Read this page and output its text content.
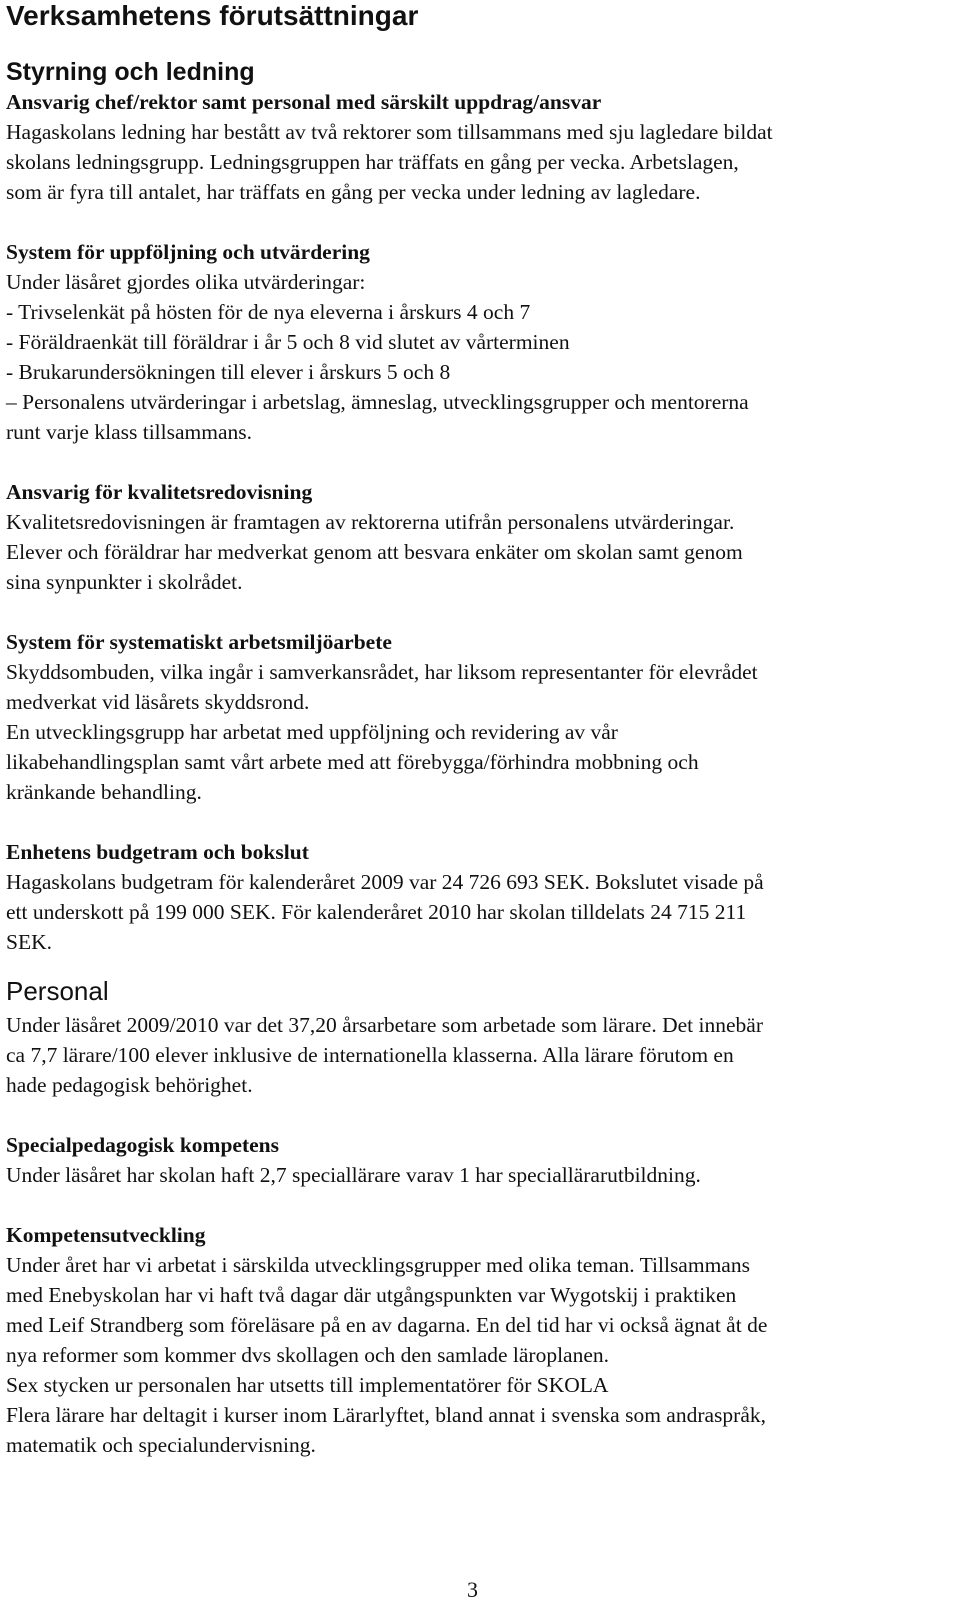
Verksamhetens förutsättningar
Styrning och ledning
Ansvarig chef/rektor samt personal med särskilt uppdrag/ansvar
Hagaskolans ledning har bestått av två rektorer som tillsammans med sju lagledare bildat
skolans ledningsgrupp. Ledningsgruppen har träffats en gång per vecka. Arbetslagen,
som är fyra till antalet, har träffats en gång per vecka under ledning av lagledare.
System för uppföljning och utvärdering
Under läsåret gjordes olika utvärderingar:
- Trivselenkät på hösten för de nya eleverna i årskurs 4 och 7
- Föräldraenkät till föräldrar i år 5 och 8 vid slutet av vårterminen
- Brukarundersökningen till elever i årskurs 5 och 8
– Personalens utvärderingar i arbetslag, ämneslag, utvecklingsgrupper och mentorerna
runt varje klass tillsammans.
Ansvarig för kvalitetsredovisning
Kvalitetsredovisningen är framtagen av rektorerna utifrån personalens utvärderingar.
Elever och föräldrar har medverkat genom att besvara enkäter om skolan samt genom
sina synpunkter i skolrådet.
System för systematiskt arbetsmiljöarbete
Skyddsombuden, vilka ingår i samverkansrådet, har liksom representanter för elevrådet
medverkat vid läsårets skyddsrond.
En utvecklingsgrupp har arbetat med uppföljning och revidering av vår
likabehandlingsplan samt vårt arbete med att förebygga/förhindra mobbning och
kränkande behandling.
Enhetens budgetram och bokslut
Hagaskolans budgetram för kalenderåret 2009 var 24 726 693 SEK. Bokslutet visade på
ett underskott på 199 000 SEK. För kalenderåret 2010 har skolan tilldelats 24 715 211
SEK.
Personal
Under läsåret 2009/2010 var det 37,20 årsarbetare som arbetade som lärare. Det innebär
ca 7,7 lärare/100 elever inklusive de internationella klasserna. Alla lärare förutom en
hade pedagogisk behörighet.
Specialpedagogisk kompetens
Under läsåret har skolan haft 2,7 speciallärare varav 1 har speciallärarutbildning.
Kompetensutveckling
Under året har vi arbetat i särskilda utvecklingsgrupper med olika teman. Tillsammans
med Enebyskolan har vi haft två dagar där utgångspunkten var Wygotskij i praktiken
med Leif Strandberg som föreläsare på en av dagarna. En del tid har vi också ägnat åt de
nya reformer som kommer dvs skollagen och den samlade läroplanen.
Sex stycken ur personalen har utsetts till implementatörer för SKOLA
Flera lärare har deltagit i kurser inom Lärarlyftet, bland annat i svenska som andraspråk,
matematik och specialundervisning.
3
